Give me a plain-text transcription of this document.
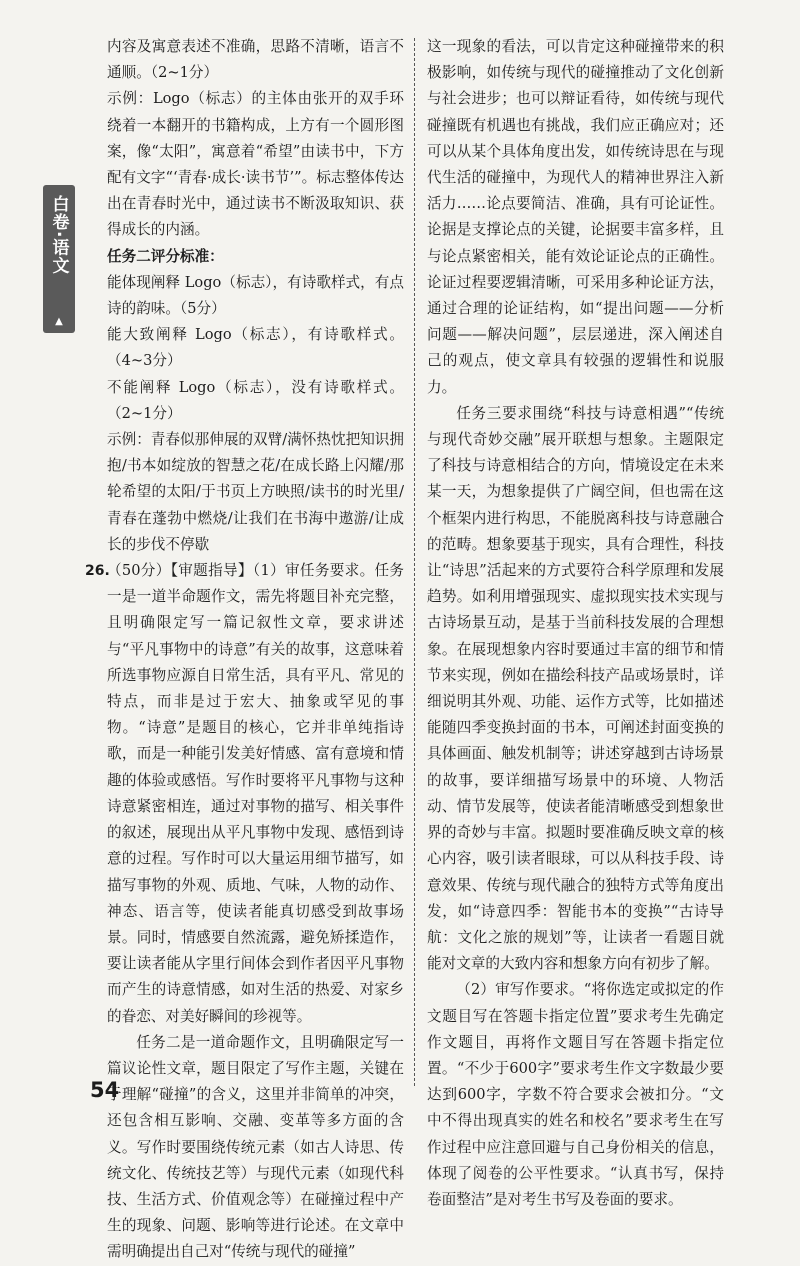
白卷·语文
▲

内容及寓意表述不准确，思路不清晰，语言不通顺。（2~1分）

示例：Logo（标志）的主体由张开的双手环绕着一本翻开的书籍构成，上方有一个圆形图案，像“太阳”，寓意着“希望”由读书中，下方配有文字“‘青春·成长·读书节’”。标志整体传达出在青春时光中，通过读书不断汲取知识、获得成长的内涵。

任务二评分标准：

能体现阐释 Logo（标志），有诗歌样式，有点诗的韵味。（5分）

能大致阐释 Logo（标志），有诗歌样式。（4~3分）

不能阐释 Logo（标志），没有诗歌样式。（2~1分）

示例：青春似那伸展的双臂/满怀热忱把知识拥抱/书本如绽放的智慧之花/在成长路上闪耀/那轮希望的太阳/于书页上方映照/读书的时光里/青春在蓬勃中燃烧/让我们在书海中遨游/让成长的步伐不停歇

26.

（50分）【审题指导】（1）审任务要求。任务一是一道半命题作文，需先将题目补充完整，且明确限定写一篇记叙性文章，要求讲述与“平凡事物中的诗意”有关的故事，这意味着所选事物应源自日常生活，具有平凡、常见的特点，而非是过于宏大、抽象或罕见的事物。“诗意”是题目的核心，它并非单纯指诗歌，而是一种能引发美好情感、富有意境和情趣的体验或感悟。写作时要将平凡事物与这种诗意紧密相连，通过对事物的描写、相关事件的叙述，展现出从平凡事物中发现、感悟到诗意的过程。写作时可以大量运用细节描写，如描写事物的外观、质地、气味，人物的动作、神态、语言等，使读者能真切感受到故事场景。同时，情感要自然流露，避免矫揉造作，要让读者能从字里行间体会到作者因平凡事物而产生的诗意情感，如对生活的热爱、对家乡的眷恋、对美好瞬间的珍视等。

任务二是一道命题作文，且明确限定写一篇议论性文章，题目限定了写作主题，关键在于理解“碰撞”的含义，这里并非简单的冲突，还包含相互影响、交融、变革等多方面的含义。写作时要围绕传统元素（如古人诗思、传统文化、传统技艺等）与现代元素（如现代科技、生活方式、价值观念等）在碰撞过程中产生的现象、问题、影响等进行论述。在文章中需明确提出自己对“传统与现代的碰撞”

这一现象的看法，可以肯定这种碰撞带来的积极影响，如传统与现代的碰撞推动了文化创新与社会进步；也可以辩证看待，如传统与现代碰撞既有机遇也有挑战，我们应正确应对；还可以从某个具体角度出发，如传统诗思在与现代生活的碰撞中，为现代人的精神世界注入新活力……论点要简洁、准确，具有可论证性。论据是支撑论点的关键，论据要丰富多样，且与论点紧密相关，能有效论证论点的正确性。论证过程要逻辑清晰，可采用多种论证方法，通过合理的论证结构，如“提出问题——分析问题——解决问题”，层层递进，深入阐述自己的观点，使文章具有较强的逻辑性和说服力。

任务三要求围绕“科技与诗意相遇”“传统与现代奇妙交融”展开联想与想象。主题限定了科技与诗意相结合的方向，情境设定在未来某一天，为想象提供了广阔空间，但也需在这个框架内进行构思，不能脱离科技与诗意融合的范畴。想象要基于现实，具有合理性，科技让“诗思”活起来的方式要符合科学原理和发展趋势。如利用增强现实、虚拟现实技术实现与古诗场景互动，是基于当前科技发展的合理想象。在展现想象内容时要通过丰富的细节和情节来实现，例如在描绘科技产品或场景时，详细说明其外观、功能、运作方式等，比如描述能随四季变换封面的书本，可阐述封面变换的具体画面、触发机制等；讲述穿越到古诗场景的故事，要详细描写场景中的环境、人物活动、情节发展等，使读者能清晰感受到想象世界的奇妙与丰富。拟题时要准确反映文章的核心内容，吸引读者眼球，可以从科技手段、诗意效果、传统与现代融合的独特方式等角度出发，如“诗意四季：智能书本的变换”“古诗导航：文化之旅的规划”等，让读者一看题目就能对文章的大致内容和想象方向有初步了解。

（2）审写作要求。“将你选定或拟定的作文题目写在答题卡指定位置”要求考生先确定作文题目，再将作文题目写在答题卡指定位置。“不少于600字”要求考生作文字数最少要达到600字，字数不符合要求会被扣分。“文中不得出现真实的姓名和校名”要求考生在写作过程中应注意回避与自己身份相关的信息，体现了阅卷的公平性要求。“认真书写，保持卷面整洁”是对考生书写及卷面的要求。

54
